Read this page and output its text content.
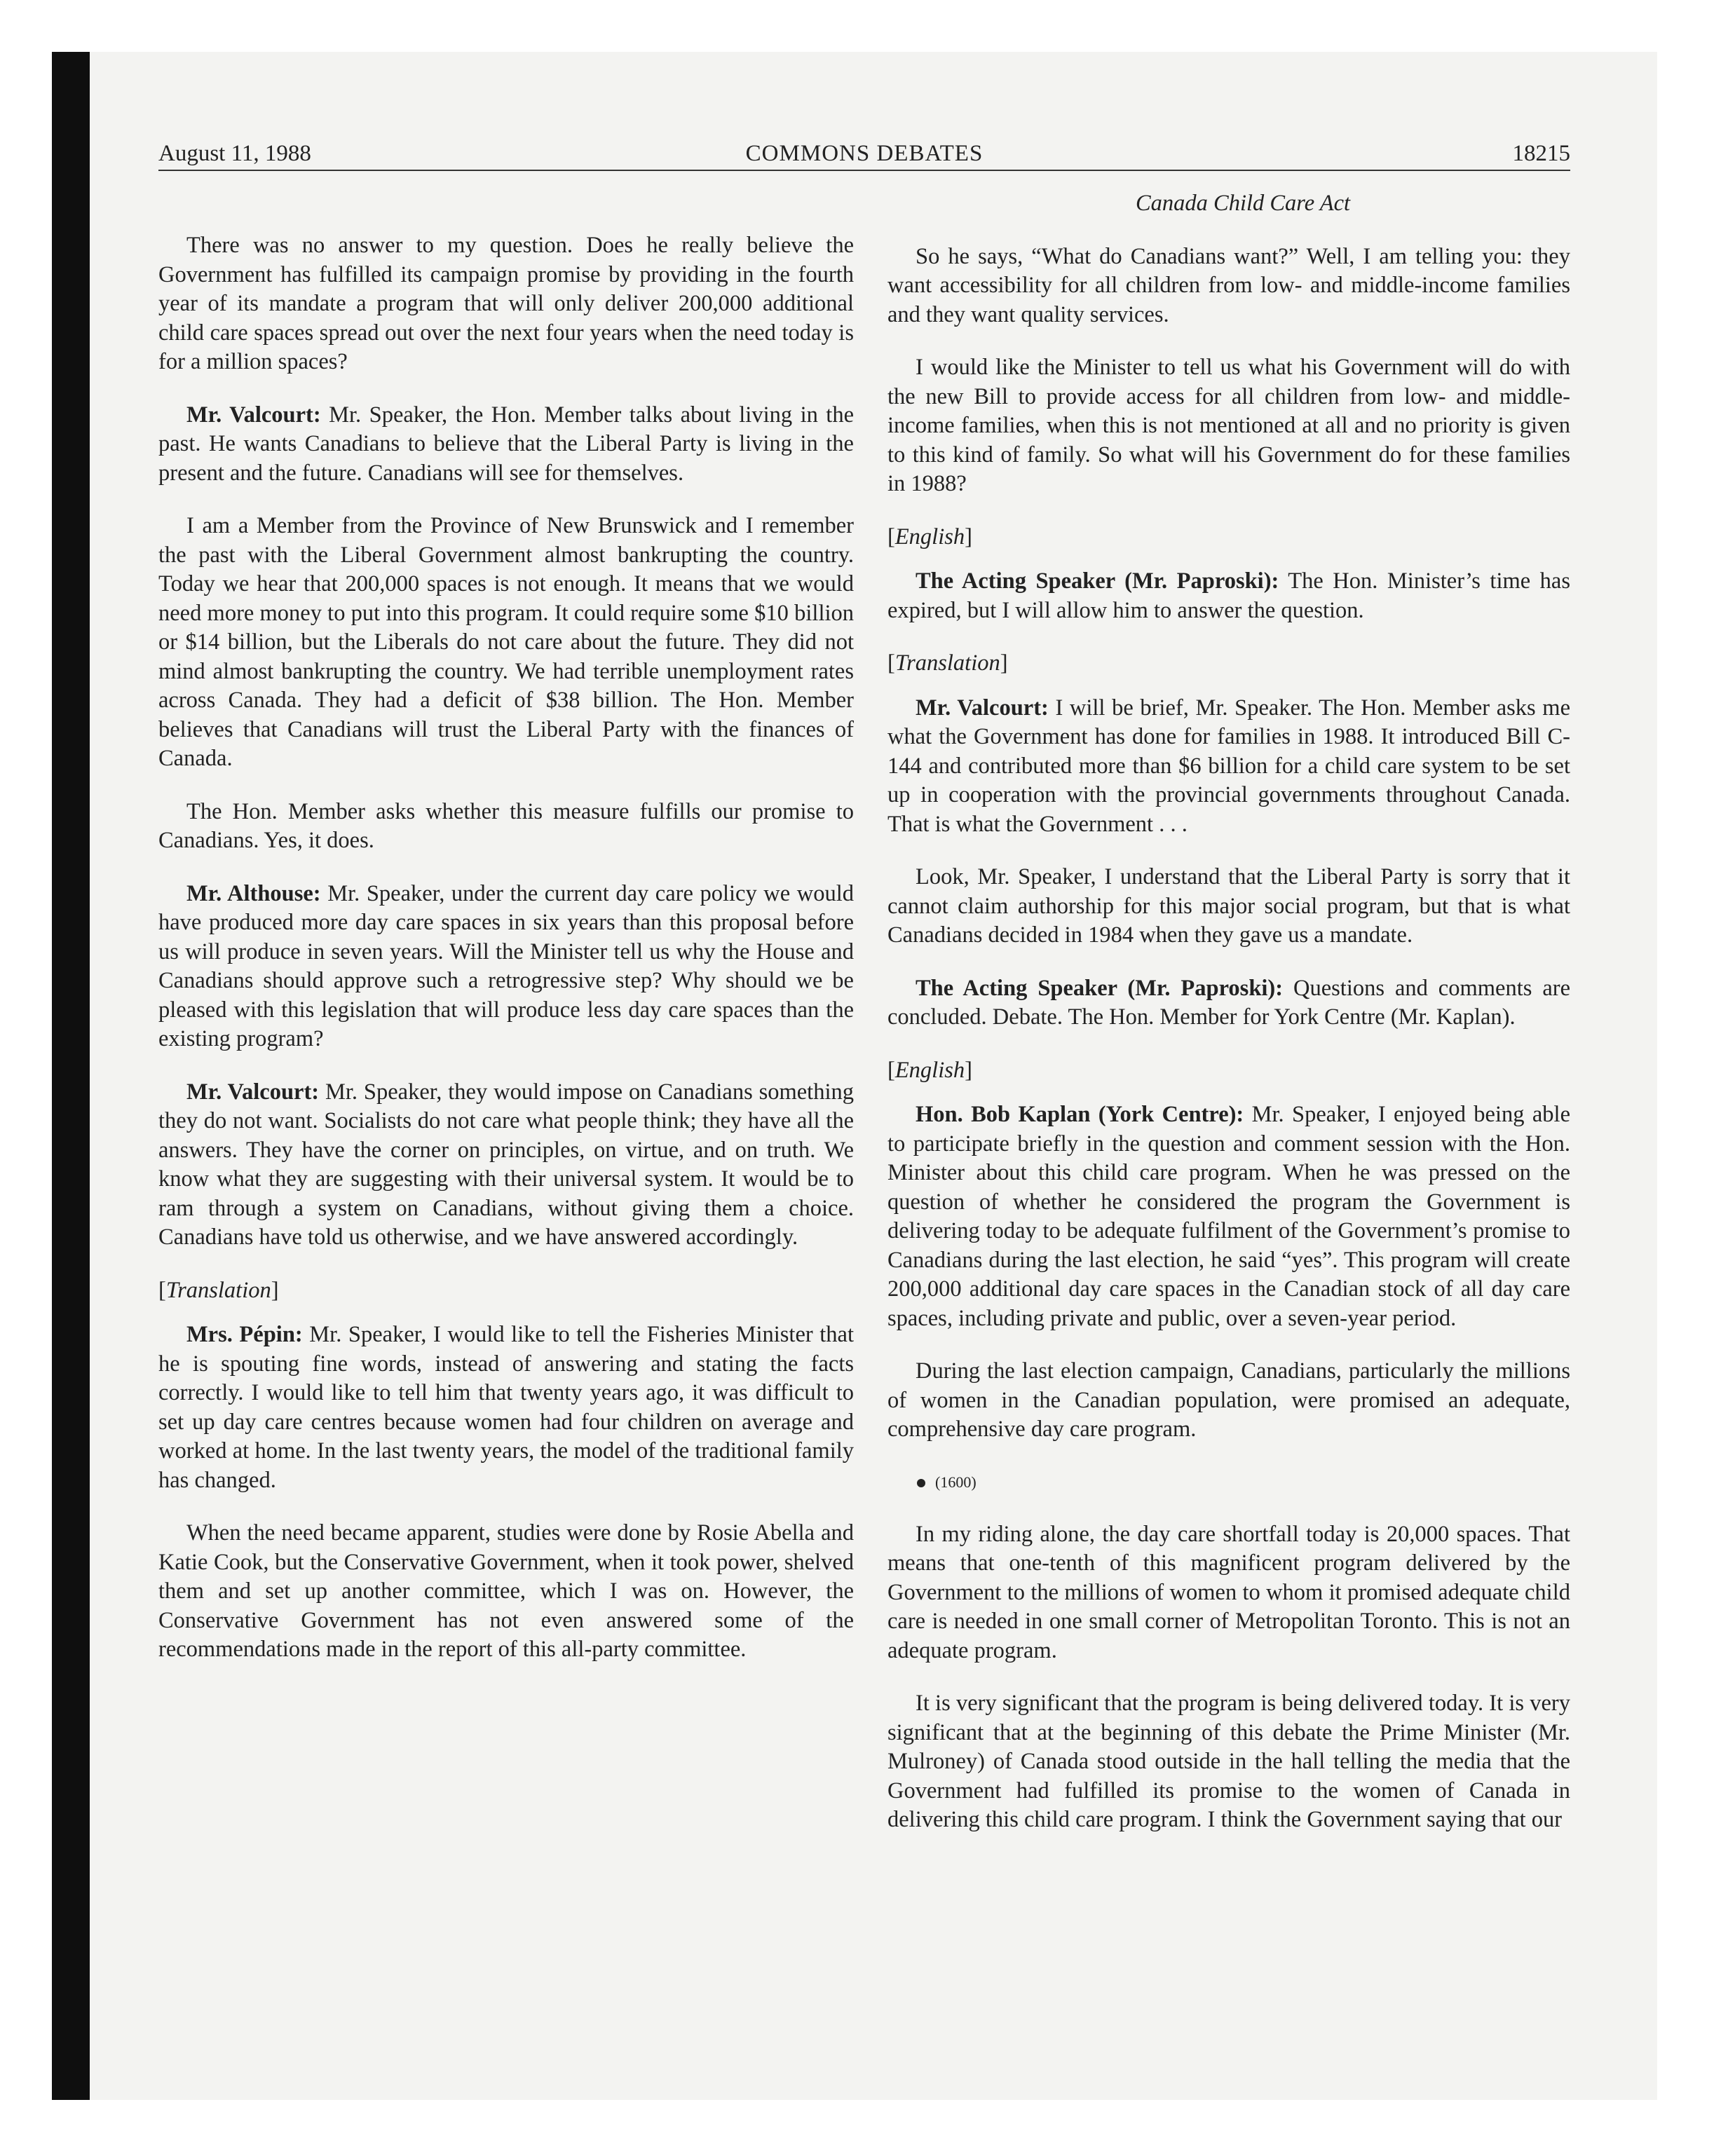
August 11, 1988	COMMONS DEBATES	18215

There was no answer to my question. Does he really believe the Government has fulfilled its campaign promise by providing in the fourth year of its mandate a program that will only deliver 200,000 additional child care spaces spread out over the next four years when the need today is for a million spaces?

Mr. Valcourt: Mr. Speaker, the Hon. Member talks about living in the past. He wants Canadians to believe that the Liberal Party is living in the present and the future. Canadians will see for themselves.

I am a Member from the Province of New Brunswick and I remember the past with the Liberal Government almost bankrupting the country. Today we hear that 200,000 spaces is not enough. It means that we would need more money to put into this program. It could require some $10 billion or $14 billion, but the Liberals do not care about the future. They did not mind almost bankrupting the country. We had terrible unemployment rates across Canada. They had a deficit of $38 billion. The Hon. Member believes that Canadians will trust the Liberal Party with the finances of Canada.

The Hon. Member asks whether this measure fulfills our promise to Canadians. Yes, it does.

Mr. Althouse: Mr. Speaker, under the current day care policy we would have produced more day care spaces in six years than this proposal before us will produce in seven years. Will the Minister tell us why the House and Canadians should approve such a retrogressive step? Why should we be pleased with this legislation that will produce less day care spaces than the existing program?

Mr. Valcourt: Mr. Speaker, they would impose on Canadians something they do not want. Socialists do not care what people think; they have all the answers. They have the corner on principles, on virtue, and on truth. We know what they are suggesting with their universal system. It would be to ram through a system on Canadians, without giving them a choice. Canadians have told us otherwise, and we have answered accordingly.

[ Translation ]

Mrs. Pépin: Mr. Speaker, I would like to tell the Fisheries Minister that he is spouting fine words, instead of answering and stating the facts correctly. I would like to tell him that twenty years ago, it was difficult to set up day care centres because women had four children on average and worked at home. In the last twenty years, the model of the traditional family has changed.

When the need became apparent, studies were done by Rosie Abella and Katie Cook, but the Conservative Government, when it took power, shelved them and set up another committee, which I was on. However, the Conservative Government has not even answered some of the recommendations made in the report of this all-party committee.

Canada Child Care Act

So he says, “What do Canadians want?” Well, I am telling you: they want accessibility for all children from low- and middle-income families and they want quality services.

I would like the Minister to tell us what his Government will do with the new Bill to provide access for all children from low- and middle-income families, when this is not mentioned at all and no priority is given to this kind of family. So what will his Government do for these families in 1988?

[ English ]

The Acting Speaker (Mr. Paproski): The Hon. Minister’s time has expired, but I will allow him to answer the question.

[ Translation ]

Mr. Valcourt: I will be brief, Mr. Speaker. The Hon. Member asks me what the Government has done for families in 1988. It introduced Bill C-144 and contributed more than $6 billion for a child care system to be set up in cooperation with the provincial governments throughout Canada. That is what the Government . . .

Look, Mr. Speaker, I understand that the Liberal Party is sorry that it cannot claim authorship for this major social program, but that is what Canadians decided in 1984 when they gave us a mandate.

The Acting Speaker (Mr. Paproski): Questions and comments are concluded. Debate. The Hon. Member for York Centre (Mr. Kaplan).

[ English ]

Hon. Bob Kaplan (York Centre): Mr. Speaker, I enjoyed being able to participate briefly in the question and comment session with the Hon. Minister about this child care program. When he was pressed on the question of whether he considered the program the Government is delivering today to be adequate fulfilment of the Government’s promise to Canadians during the last election, he said “yes”. This program will create 200,000 additional day care spaces in the Canadian stock of all day care spaces, including private and public, over a seven-year period.

During the last election campaign, Canadians, particularly the millions of women in the Canadian population, were promised an adequate, comprehensive day care program.

(1600)

In my riding alone, the day care shortfall today is 20,000 spaces. That means that one-tenth of this magnificent program delivered by the Government to the millions of women to whom it promised adequate child care is needed in one small corner of Metropolitan Toronto. This is not an adequate program.

It is very significant that the program is being delivered today. It is very significant that at the beginning of this debate the Prime Minister (Mr. Mulroney) of Canada stood outside in the hall telling the media that the Government had fulfilled its promise to the women of Canada in delivering this child care program. I think the Government saying that our
